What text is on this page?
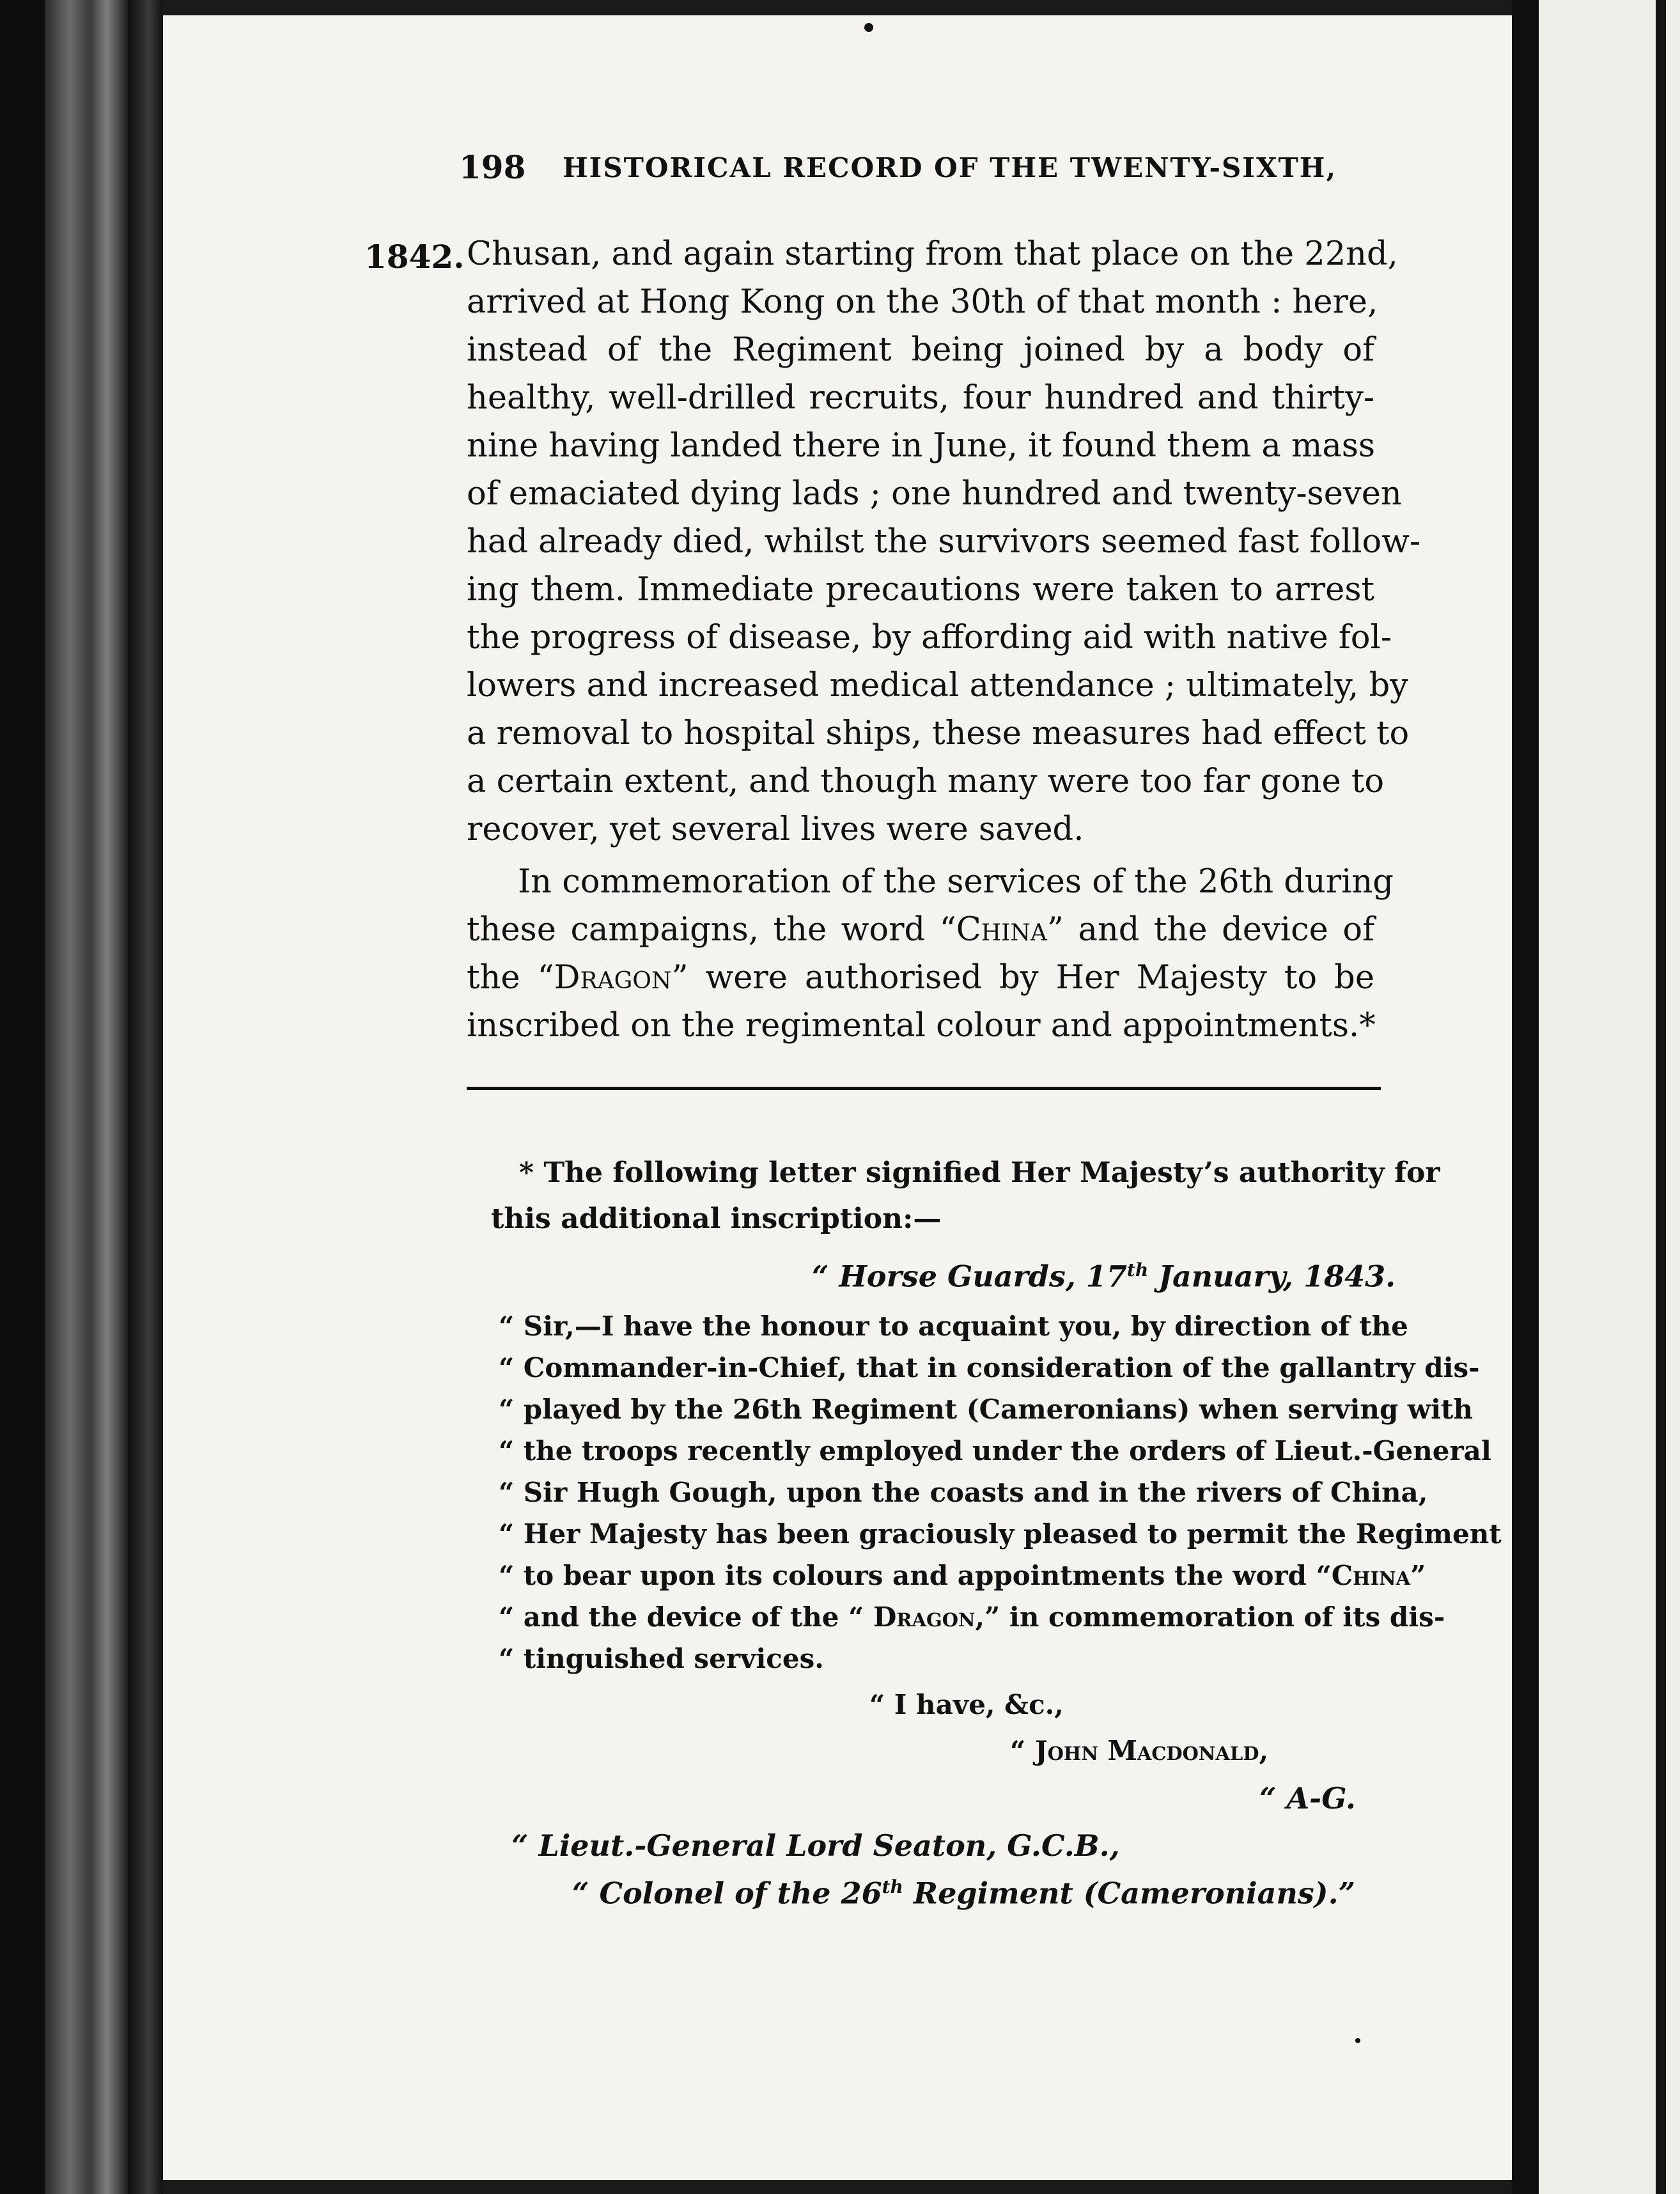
198 HISTORICAL RECORD OF THE TWENTY-SIXTH,
1842. Chusan, and again starting from that place on the 22nd,
arrived at Hong Kong on the 30th of that month : here,
instead of the Regiment being joined by a body of
healthy, well-drilled recruits, four hundred and thirty-
nine having landed there in June, it found them a mass
of emaciated dying lads ; one hundred and twenty-seven
had already died, whilst the survivors seemed fast follow-
ing them. Immediate precautions were taken to arrest
the progress of disease, by affording aid with native fol-
lowers and increased medical attendance ; ultimately, by
a removal to hospital ships, these measures had effect to
a certain extent, and though many were too far gone to
recover, yet several lives were saved.
In commemoration of the services of the 26th during
these campaigns, the word “China” and the device of
the “Dragon” were authorised by Her Majesty to be
inscribed on the regimental colour and appointments.*
* The following letter signified Her Majesty’s authority for
this additional inscription:—
“ Horse Guards, 17th January, 1843.
“ Sir,—I have the honour to acquaint you, by direction of the
“ Commander-in-Chief, that in consideration of the gallantry dis-
“ played by the 26th Regiment (Cameronians) when serving with
“ the troops recently employed under the orders of Lieut.-General
“ Sir Hugh Gough, upon the coasts and in the rivers of China,
“ Her Majesty has been graciously pleased to permit the Regiment
“ to bear upon its colours and appointments the word “China”
“ and the device of the “ Dragon,” in commemoration of its dis-
“ tinguished services.
“ I have, &c.,
“ John Macdonald,
“ A-G.
“ Lieut.-General Lord Seaton, G.C.B.,
“ Colonel of the 26th Regiment (Cameronians).”
